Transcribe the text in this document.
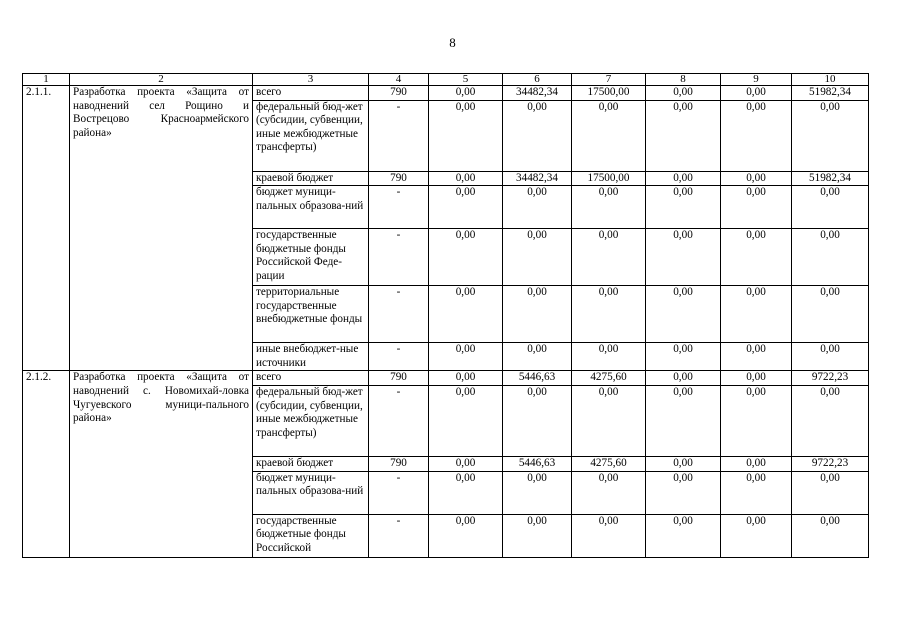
8
1	2	3	4	5	6	7	8	9	10
2.1.1.	Разработка проекта «Защита от наводнений сел Рощино и Вострецово Красноармейского района»	всего	790	0,00	34482,34	17500,00	0,00	0,00	51982,34
		федеральный бюд-жет (субсидии, субвенции, иные межбюджетные трансферты)	-	0,00	0,00	0,00	0,00	0,00	0,00
		краевой бюджет	790	0,00	34482,34	17500,00	0,00	0,00	51982,34
		бюджет муници-пальных образова-ний	-	0,00	0,00	0,00	0,00	0,00	0,00
		государственные бюджетные фонды Российской Феде-рации	-	0,00	0,00	0,00	0,00	0,00	0,00
		территориальные государственные внебюджетные фонды	-	0,00	0,00	0,00	0,00	0,00	0,00
		иные внебюджет-ные источники	-	0,00	0,00	0,00	0,00	0,00	0,00
2.1.2.	Разработка проекта «Защита от наводнений с. Новомихай-ловка Чугуевского муници-пального района»	всего	790	0,00	5446,63	4275,60	0,00	0,00	9722,23
		федеральный бюд-жет (субсидии, субвенции, иные межбюджетные трансферты)	-	0,00	0,00	0,00	0,00	0,00	0,00
		краевой бюджет	790	0,00	5446,63	4275,60	0,00	0,00	9722,23
		бюджет муници-пальных образова-ний	-	0,00	0,00	0,00	0,00	0,00	0,00
		государственные бюджетные фонды Российской	-	0,00	0,00	0,00	0,00	0,00	0,00
